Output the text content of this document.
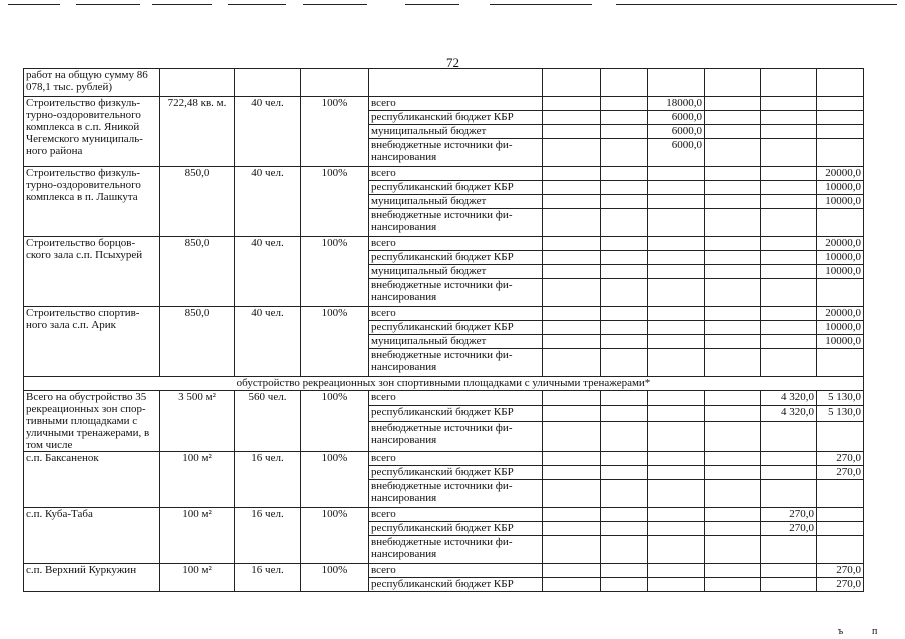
72
работ на общую сумму 86 078,1 тыс. рублей)										
Строительство физкуль-турно-оздоровительного комплекса в с.п. Яникой Чегемского муниципаль-ного района	722,48 кв. м.	40 чел.	100%	всего			18000,0			
				республиканский бюджет КБР			6000,0			
				муниципальный бюджет			6000,0			
				внебюджетные источники фи-нансирования			6000,0			
Строительство физкуль-турно-оздоровительного комплекса в п. Лашкута	850,0	40 чел.	100%	всего						20000,0
				республиканский бюджет КБР						10000,0
				муниципальный бюджет						10000,0
				внебюджетные источники фи-нансирования						
Строительство борцов-ского зала с.п. Псыхурей	850,0	40 чел.	100%	всего						20000,0
				республиканский бюджет КБР						10000,0
				муниципальный бюджет						10000,0
				внебюджетные источники фи-нансирования						
Строительство спортив-ного зала с.п. Арик	850,0	40 чел.	100%	всего						20000,0
				республиканский бюджет КБР						10000,0
				муниципальный бюджет						10000,0
				внебюджетные источники фи-нансирования						
обустройство рекреационных зон спортивными площадками с уличными тренажерами*										
Всего на обустройство 35 рекреационных зон спор-тивными площадками с уличными тренажерами, в том числе	3 500 м²	560 чел.	100%	всего					4 320,0	5 130,0
				республиканский бюджет КБР					4 320,0	5 130,0
				внебюджетные источники фи-нансирования						
с.п. Баксаненок	100 м²	16 чел.	100%	всего						270,0
				республиканский бюджет КБР						270,0
				внебюджетные источники фи-нансирования						
с.п. Куба-Таба	100 м²	16 чел.	100%	всего					270,0	
				республиканский бюджет КБР					270,0	
				внебюджетные источники фи-нансирования						
с.п. Верхний Куркужин	100 м²	16 чел.	100%	всего						270,0
				республиканский бюджет КБР						270,0
ъ	п
